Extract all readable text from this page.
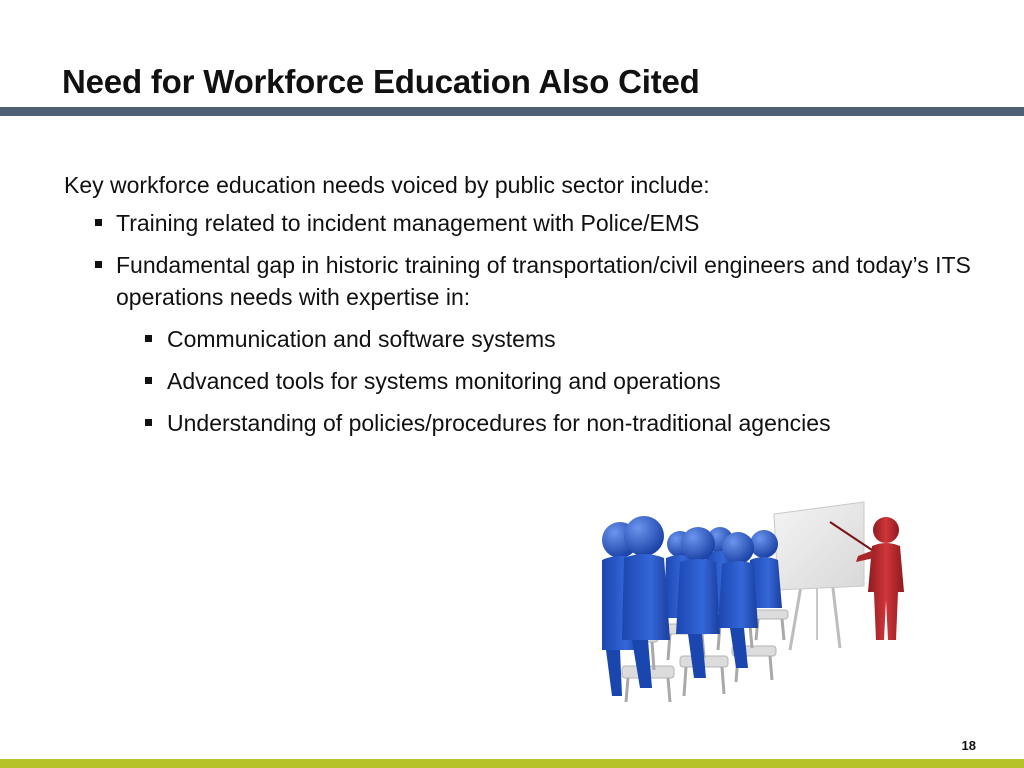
Need for Workforce Education Also Cited

Key workforce education needs voiced by public sector include:

Training related to incident management with Police/EMS
Fundamental gap in historic training of transportation/civil engineers and today’s ITS operations needs with expertise in:
Communication and software systems
Advanced tools for systems monitoring and operations
Understanding of policies/procedures for non-traditional agencies
18
